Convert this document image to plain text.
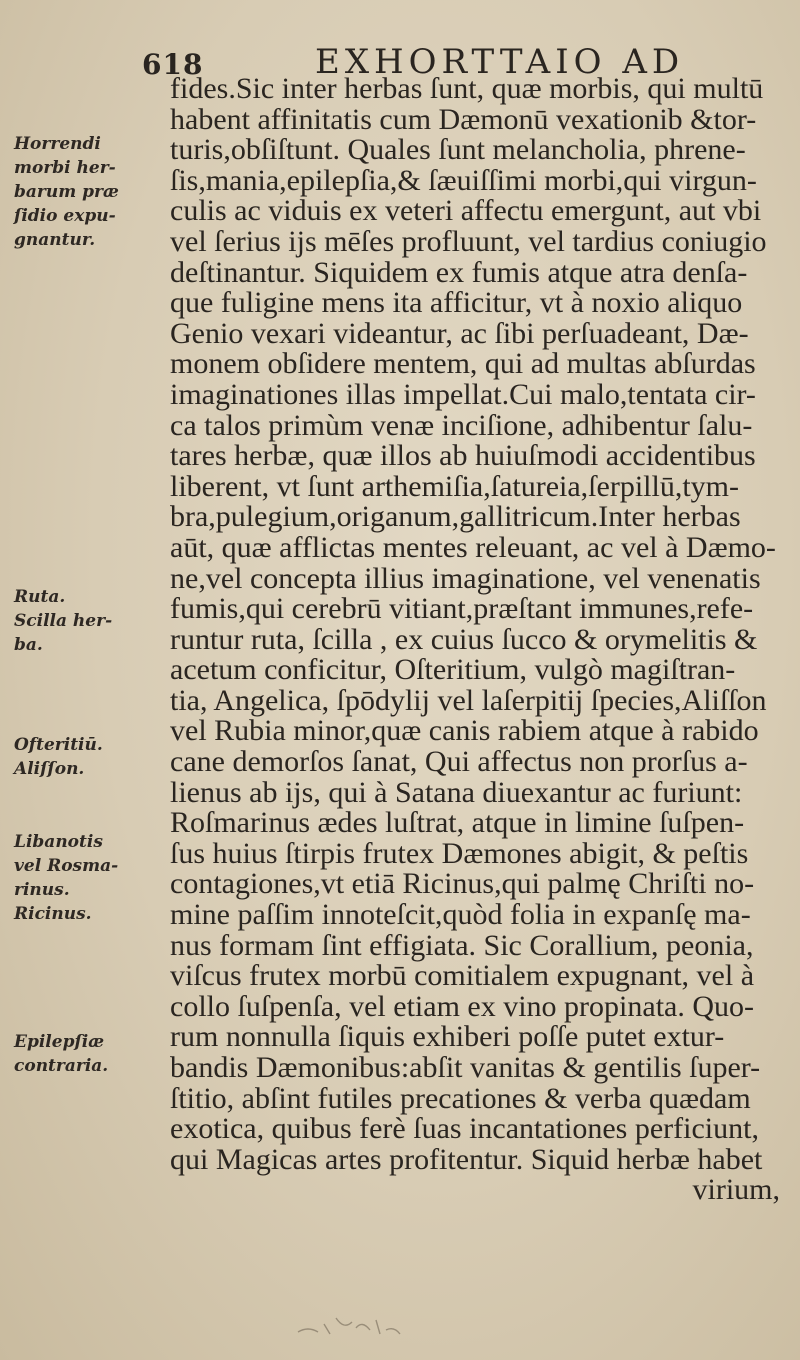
618	EXHORTTAIO AD
Horrendi
morbi her-
barum præ
ſidio expu-
gnantur.
Ruta.
Scilla her-
ba.
Ofteritiū.
Aliſſon.
Libanotis
vel Rosma-
rinus.
Ricinus.
Epilepſiæ
contraria.
fides.Sic inter herbas ſunt, quæ morbis, qui multū
habent affinitatis cum Dæmonū vexationib &tor-
turis,obſiſtunt. Quales ſunt melancholia, phrene-
ſis,mania,epilepſia,& ſæuiſſimi morbi,qui virgun-
culis ac viduis ex veteri affectu emergunt, aut vbi
vel ſerius ijs mēſes profluunt, vel tardius coniugio
deſtinantur. Siquidem ex fumis atque atra denſa-
que fuligine mens ita afficitur, vt à noxio aliquo
Genio vexari videantur, ac ſibi perſuadeant, Dæ-
monem obſidere mentem, qui ad multas abſurdas
imaginationes illas impellat.Cui malo,tentata cir-
ca talos primùm venæ inciſione, adhibentur ſalu-
tares herbæ, quæ illos ab huiuſmodi accidentibus
liberent, vt ſunt arthemiſia,ſatureia,ſerpillū,tym-
bra,pulegium,origanum,gallitricum.Inter herbas
aūt, quæ afflictas mentes releuant, ac vel à Dæmo-
ne,vel concepta illius imaginatione, vel venenatis
fumis,qui cerebrū vitiant,præſtant immunes,refe-
runtur ruta, ſcilla , ex cuius ſucco & orymelitis &
acetum conficitur, Oſteritium, vulgò magiſtran-
tia, Angelica, ſpōdylij vel laſerpitij ſpecies,Aliſſon
vel Rubia minor,quæ canis rabiem atque à rabido
cane demorſos ſanat, Qui affectus non prorſus a-
lienus ab ijs, qui à Satana diuexantur ac furiunt:
Roſmarinus ædes luſtrat, atque in limine ſuſpen-
ſus huius ſtirpis frutex Dæmones abigit, & peſtis
contagiones,vt etiā Ricinus,qui palmę Chriſti no-
mine paſſim innoteſcit,quòd folia in expanſę ma-
nus formam ſint effigiata. Sic Corallium, peonia,
viſcus frutex morbū comitialem expugnant, vel à
collo ſuſpenſa, vel etiam ex vino propinata. Quo-
rum nonnulla ſiquis exhiberi poſſe putet extur-
bandis Dæmonibus:abſit vanitas & gentilis ſuper-
ſtitio, abſint futiles precationes & verba quædam
exotica, quibus ferè ſuas incantationes perficiunt,
qui Magicas artes profitentur. Siquid herbæ habet
virium,
